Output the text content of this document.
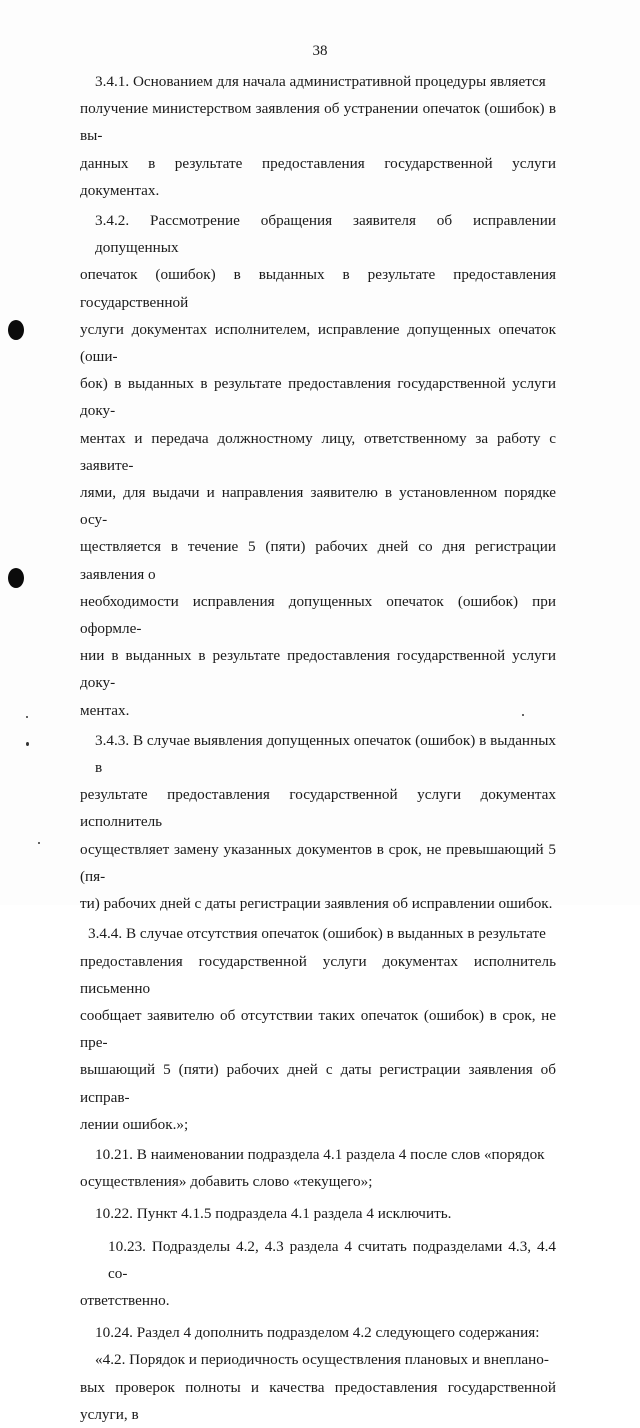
38

3.4.1. Основанием для начала административной процедуры является

получение министерством заявления об устранении опечаток (ошибок) в вы-

данных в результате предоставления государственной услуги документах.

3.4.2. Рассмотрение обращения заявителя об исправлении допущенных

опечаток (ошибок) в выданных в результате предоставления государственной

услуги документах исполнителем, исправление допущенных опечаток (оши-

бок) в выданных в результате предоставления государственной услуги доку-

ментах и передача должностному лицу, ответственному за работу с заявите-

лями, для выдачи и направления заявителю в установленном порядке осу-

ществляется в течение 5 (пяти) рабочих дней со дня регистрации заявления о

необходимости исправления допущенных опечаток (ошибок) при оформле-

нии в выданных в результате предоставления государственной услуги доку-

ментах.

3.4.3. В случае выявления допущенных опечаток (ошибок) в выданных в

результате предоставления государственной услуги документах исполнитель

осуществляет замену указанных документов в срок, не превышающий 5 (пя-

ти) рабочих дней с даты регистрации заявления об исправлении ошибок.

3.4.4. В случае отсутствия опечаток (ошибок) в выданных в результате

предоставления государственной услуги документах исполнитель письменно

сообщает заявителю об отсутствии таких опечаток (ошибок) в срок, не пре-

вышающий 5 (пяти) рабочих дней с даты регистрации заявления об исправ-

лении ошибок.»;

10.21. В наименовании подраздела 4.1 раздела 4 после слов «порядок

осуществления» добавить слово «текущего»;

10.22. Пункт 4.1.5 подраздела 4.1 раздела 4 исключить.

10.23. Подразделы 4.2, 4.3 раздела 4 считать подразделами 4.3, 4.4 со-

ответственно.

10.24. Раздел 4 дополнить подразделом 4.2 следующего содержания:

«4.2. Порядок и периодичность осуществления плановых и внеплано-

вых проверок полноты и качества предоставления государственной услуги, в
